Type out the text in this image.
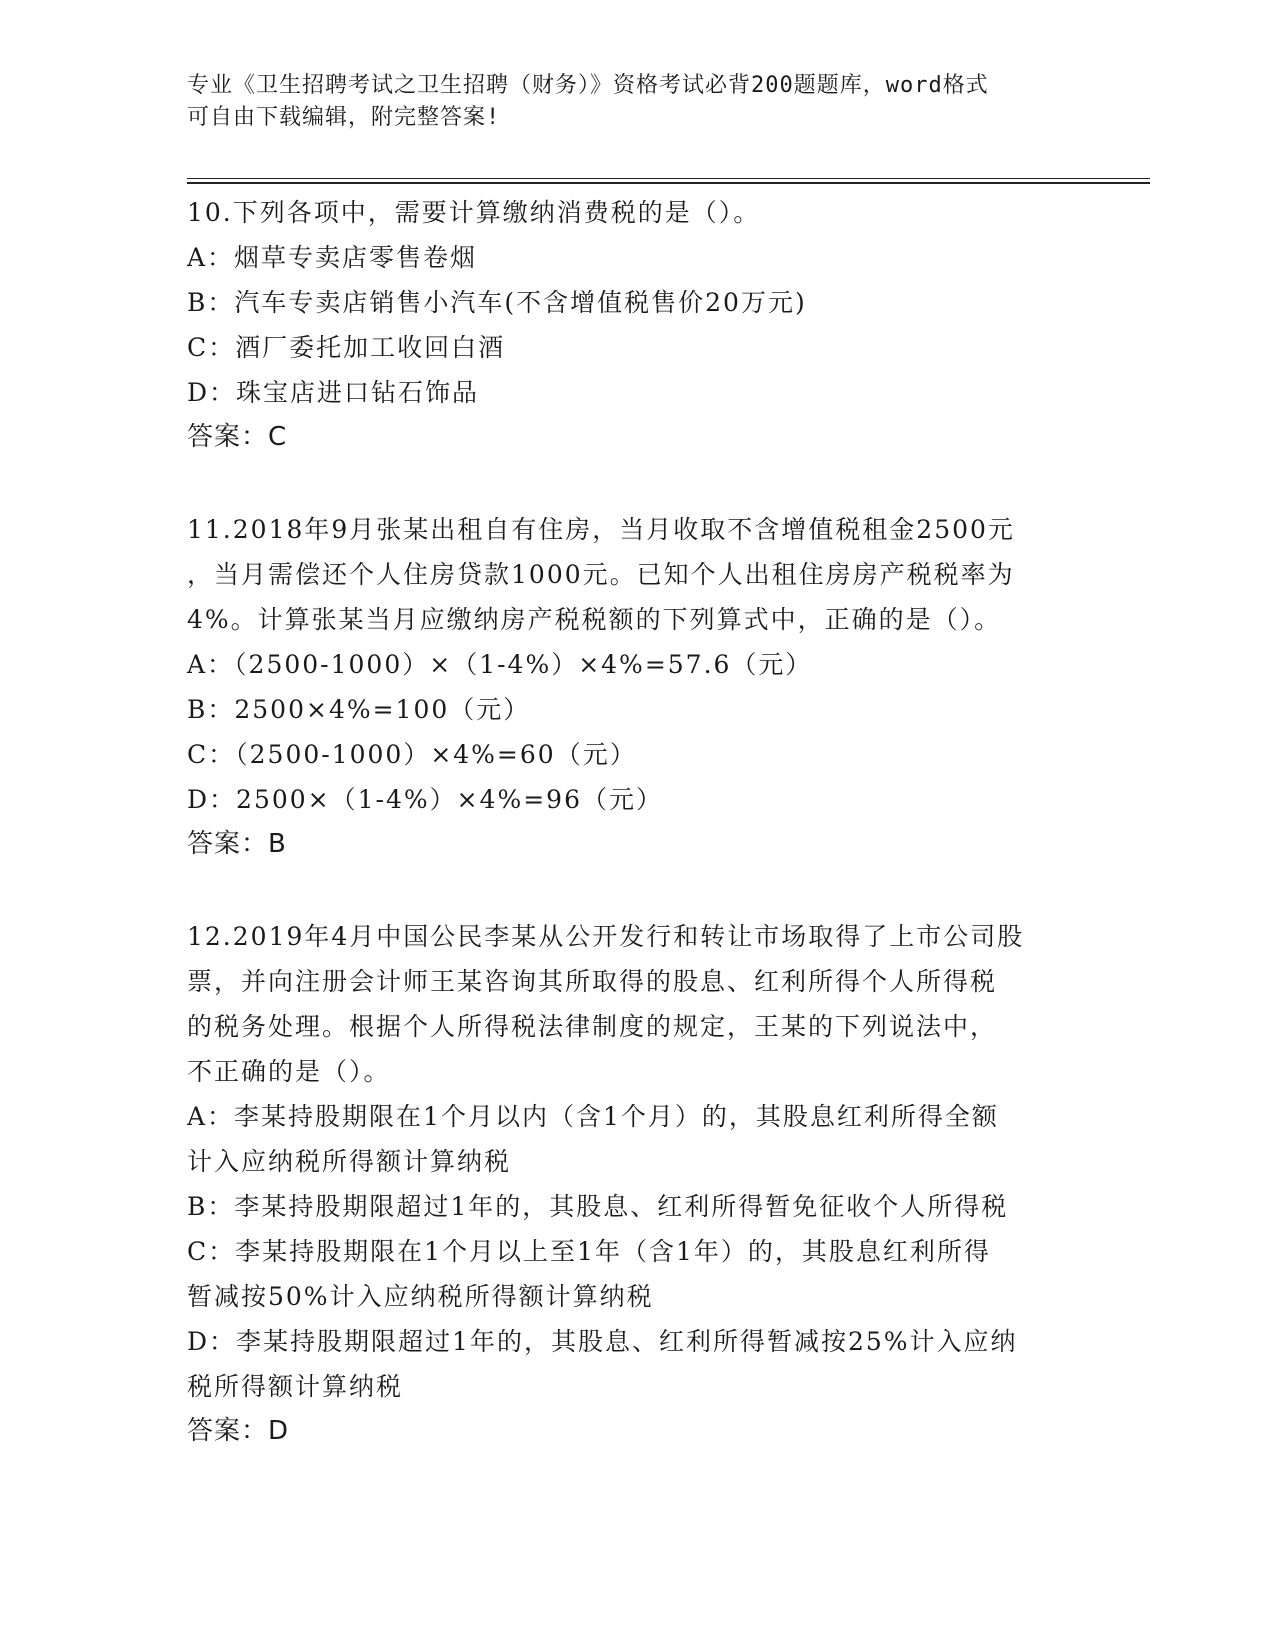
专业《卫生招聘考试之卫生招聘（财务）》资格考试必背200题题库，word格式

可自由下载编辑，附完整答案!

10.下列各项中，需要计算缴纳消费税的是（）。

A：烟草专卖店零售卷烟

B：汽车专卖店销售小汽车(不含增值税售价20万元)

C：酒厂委托加工收回白酒

D：珠宝店进口钻石饰品

答案：C

11.2018年9月张某出租自有住房，当月收取不含增值税租金2500元

，当月需偿还个人住房贷款1000元。已知个人出租住房房产税税率为

4%。计算张某当月应缴纳房产税税额的下列算式中，正确的是（）。

A：（2500-1000）×（1-4%）×4%=57.6（元）

B：2500×4%=100（元）

C：（2500-1000）×4%=60（元）

D：2500×（1-4%）×4%=96（元）

答案：B

12.2019年4月中国公民李某从公开发行和转让市场取得了上市公司股

票，并向注册会计师王某咨询其所取得的股息、红利所得个人所得税

的税务处理。根据个人所得税法律制度的规定，王某的下列说法中，

不正确的是（）。

A：李某持股期限在1个月以内（含1个月）的，其股息红利所得全额

计入应纳税所得额计算纳税

B：李某持股期限超过1年的，其股息、红利所得暂免征收个人所得税

C：李某持股期限在1个月以上至1年（含1年）的，其股息红利所得

暂减按50%计入应纳税所得额计算纳税

D：李某持股期限超过1年的，其股息、红利所得暂减按25%计入应纳

税所得额计算纳税

答案：D
